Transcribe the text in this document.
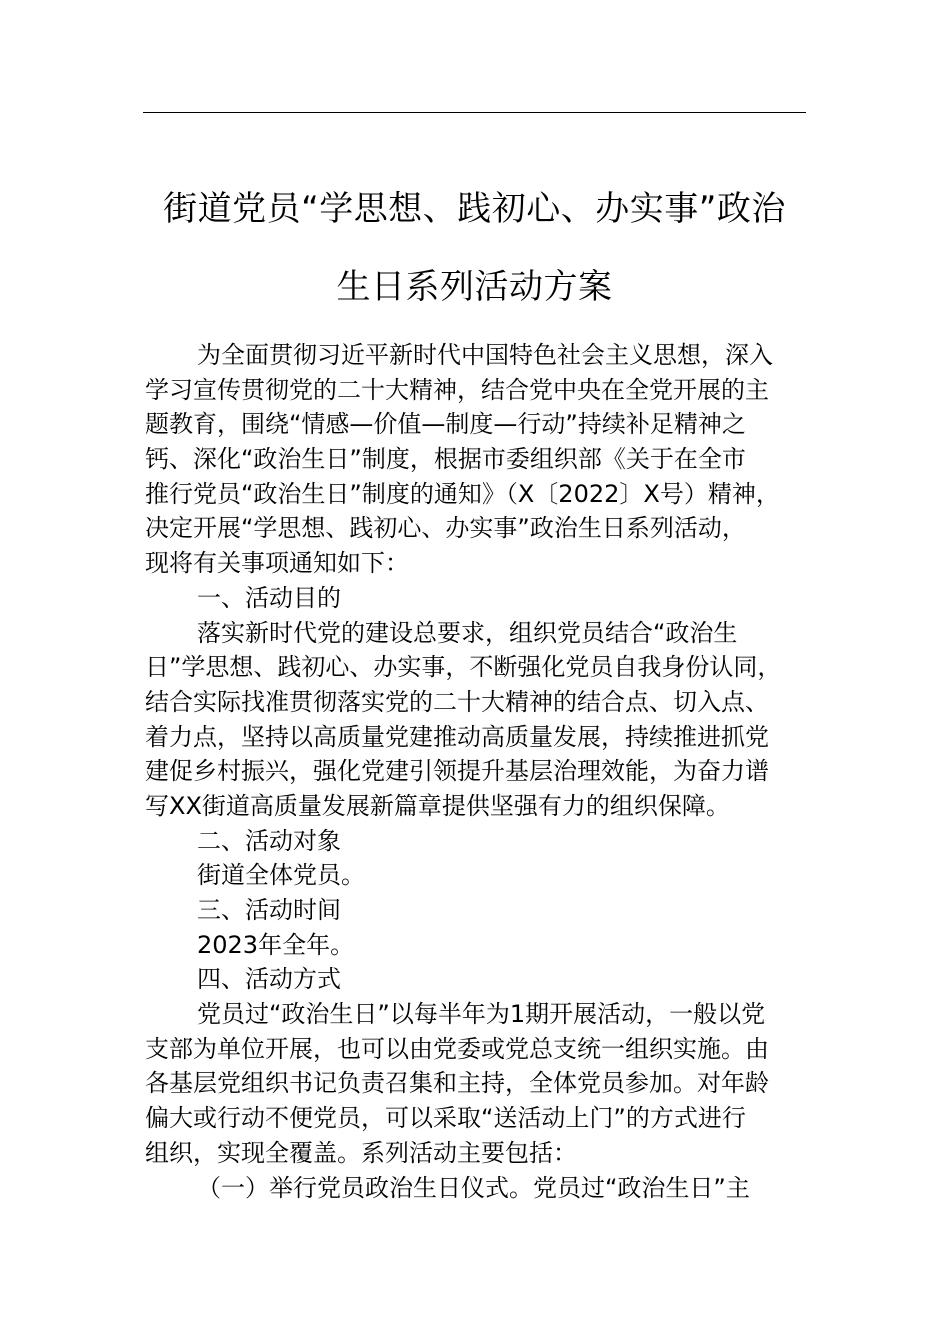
街道党员“学思想、践初心、办实事”政治
生日系列活动方案
为全面贯彻习近平新时代中国特色社会主义思想，深入
学习宣传贯彻党的二十大精神，结合党中央在全党开展的主
题教育，围绕“情感—价值—制度—行动”持续补足精神之
钙、深化“政治生日”制度，根据市委组织部《关于在全市
推行党员“政治生日”制度的通知》（X〔2022〕X号）精神，
决定开展“学思想、践初心、办实事”政治生日系列活动，
现将有关事项通知如下：
一、活动目的
落实新时代党的建设总要求，组织党员结合“政治生
日”学思想、践初心、办实事，不断强化党员自我身份认同，
结合实际找准贯彻落实党的二十大精神的结合点、切入点、
着力点，坚持以高质量党建推动高质量发展，持续推进抓党
建促乡村振兴，强化党建引领提升基层治理效能，为奋力谱
写XX街道高质量发展新篇章提供坚强有力的组织保障。
二、活动对象
街道全体党员。
三、活动时间
2023年全年。
四、活动方式
党员过“政治生日”以每半年为1期开展活动，一般以党
支部为单位开展，也可以由党委或党总支统一组织实施。由
各基层党组织书记负责召集和主持，全体党员参加。对年龄
偏大或行动不便党员，可以采取“送活动上门”的方式进行
组织，实现全覆盖。系列活动主要包括：
（一）举行党员政治生日仪式。党员过“政治生日”主
